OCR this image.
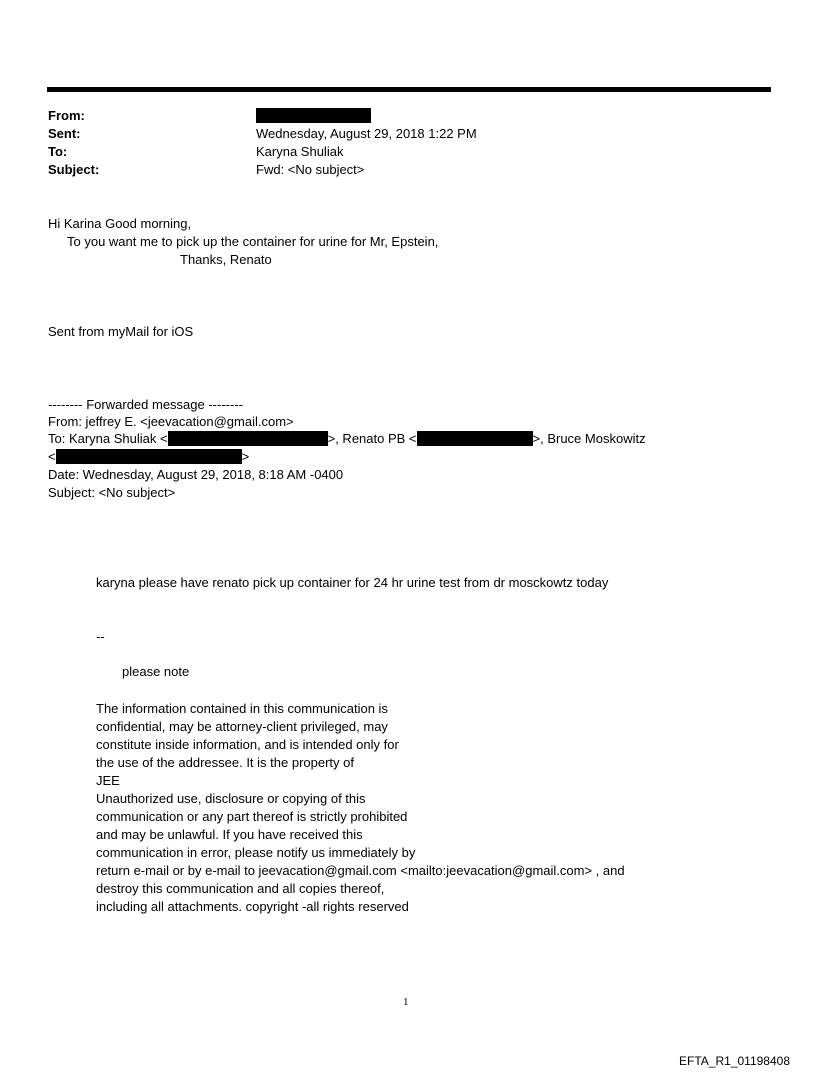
From:
Sent:	Wednesday, August 29, 2018 1:22 PM
To:	Karyna Shuliak
Subject:	Fwd: <No subject>
Hi Karina Good morning,
To you want me to pick up the container for urine for Mr, Epstein,
Thanks, Renato
Sent from myMail for iOS
-------- Forwarded message --------
From: jeffrey E. <jeevacation@gmail.com>
To: Karyna Shuliak <	>, Renato PB <	>, Bruce Moskowitz
<	>
Date: Wednesday, August 29, 2018, 8:18 AM -0400
Subject: <No subject>
karyna please have renato pick up container for 24 hr urine test from dr mosckowtz today
--
please note
The information contained in this communication is
confidential, may be attorney-client privileged, may
constitute inside information, and is intended only for
the use of the addressee. It is the property of
JEE
Unauthorized use, disclosure or copying of this
communication or any part thereof is strictly prohibited
and may be unlawful. If you have received this
communication in error, please notify us immediately by
return e-mail or by e-mail to jeevacation@gmail.com <mailto:jeevacation@gmail.com> , and
destroy this communication and all copies thereof,
including all attachments. copyright -all rights reserved
1
EFTA_R1_01198408
